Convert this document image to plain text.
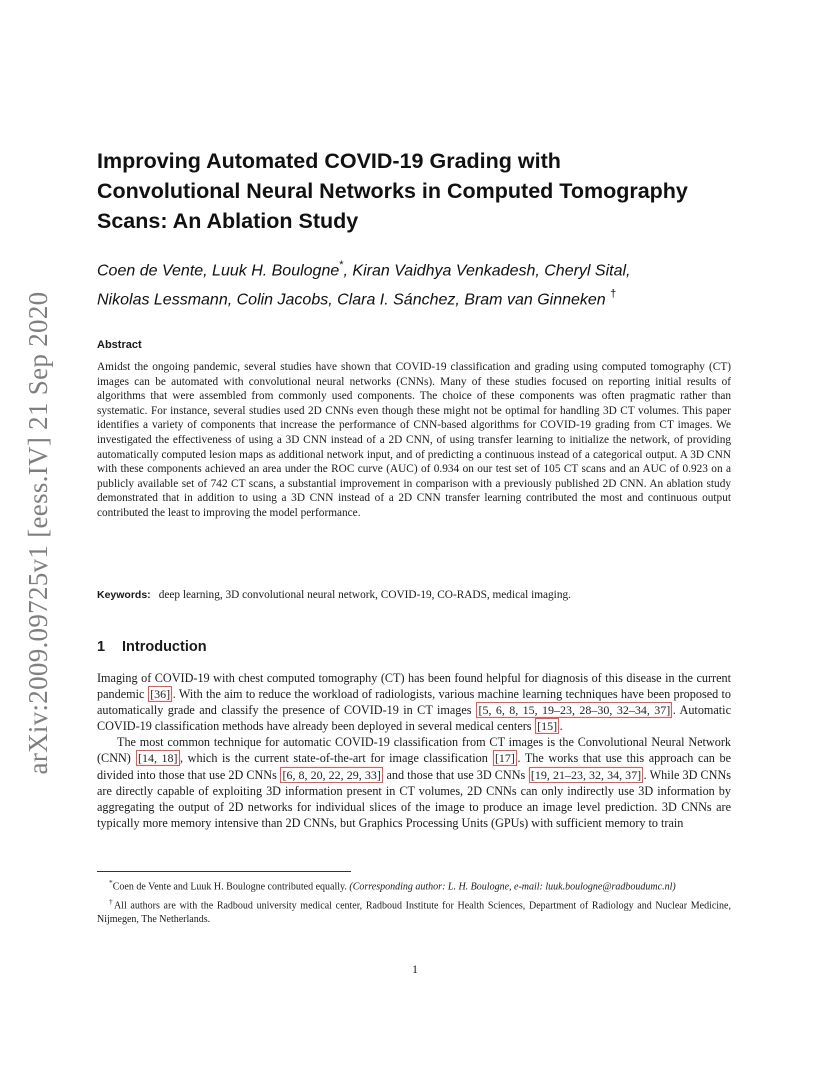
arXiv:2009.09725v1 [eess.IV] 21 Sep 2020
Improving Automated COVID-19 Grading with
Convolutional Neural Networks in Computed Tomography
Scans: An Ablation Study
Coen de Vente, Luuk H. Boulogne*, Kiran Vaidhya Venkadesh, Cheryl Sital,
Nikolas Lessmann, Colin Jacobs, Clara I. Sánchez, Bram van Ginneken †
Abstract

Amidst the ongoing pandemic, several studies have shown that COVID-19 classification and grading using computed tomography (CT) images can be automated with convolutional neural networks (CNNs). Many of these studies focused on reporting initial results of algorithms that were assembled from commonly used components. The choice of these components was often pragmatic rather than systematic. For instance, several studies used 2D CNNs even though these might not be optimal for handling 3D CT volumes. This paper identifies a variety of components that increase the performance of CNN-based algorithms for COVID-19 grading from CT images. We investigated the effectiveness of using a 3D CNN instead of a 2D CNN, of using transfer learning to initialize the network, of providing automatically computed lesion maps as additional network input, and of predicting a continuous instead of a categorical output. A 3D CNN with these components achieved an area under the ROC curve (AUC) of 0.934 on our test set of 105 CT scans and an AUC of 0.923 on a publicly available set of 742 CT scans, a substantial improvement in comparison with a previously published 2D CNN. An ablation study demonstrated that in addition to using a 3D CNN instead of a 2D CNN transfer learning contributed the most and continuous output contributed the least to improving the model performance.

Keywords: deep learning, 3D convolutional neural network, COVID-19, CO-RADS, medical imaging.
1 Introduction

Imaging of COVID-19 with chest computed tomography (CT) has been found helpful for diagnosis of this disease in the current pandemic [36] . With the aim to reduce the workload of radiologists, various machine learning techniques have been proposed to automatically grade and classify the presence of COVID-19 in CT images [5, 6, 8, 15, 19–23, 28–30, 32–34, 37] . Automatic COVID-19 classification methods have already been deployed in several medical centers [15] .

The most common technique for automatic COVID-19 classification from CT images is the Convolutional Neural Network (CNN) [14, 18] , which is the current state-of-the-art for image classification [17] . The works that use this approach can be divided into those that use 2D CNNs [6, 8, 20, 22, 29, 33] and those that use 3D CNNs [19, 21–23, 32, 34, 37] . While 3D CNNs are directly capable of exploiting 3D information present in CT volumes, 2D CNNs can only indirectly use 3D information by aggregating the output of 2D networks for individual slices of the image to produce an image level prediction. 3D CNNs are typically more memory intensive than 2D CNNs, but Graphics Processing Units (GPUs) with sufficient memory to train

*Coen de Vente and Luuk H. Boulogne contributed equally. (Corresponding author: L. H. Boulogne, e-mail: luuk.boulogne@radboudumc.nl)

†All authors are with the Radboud university medical center, Radboud Institute for Health Sciences, Department of Radiology and Nuclear Medicine, Nijmegen, The Netherlands.

1
